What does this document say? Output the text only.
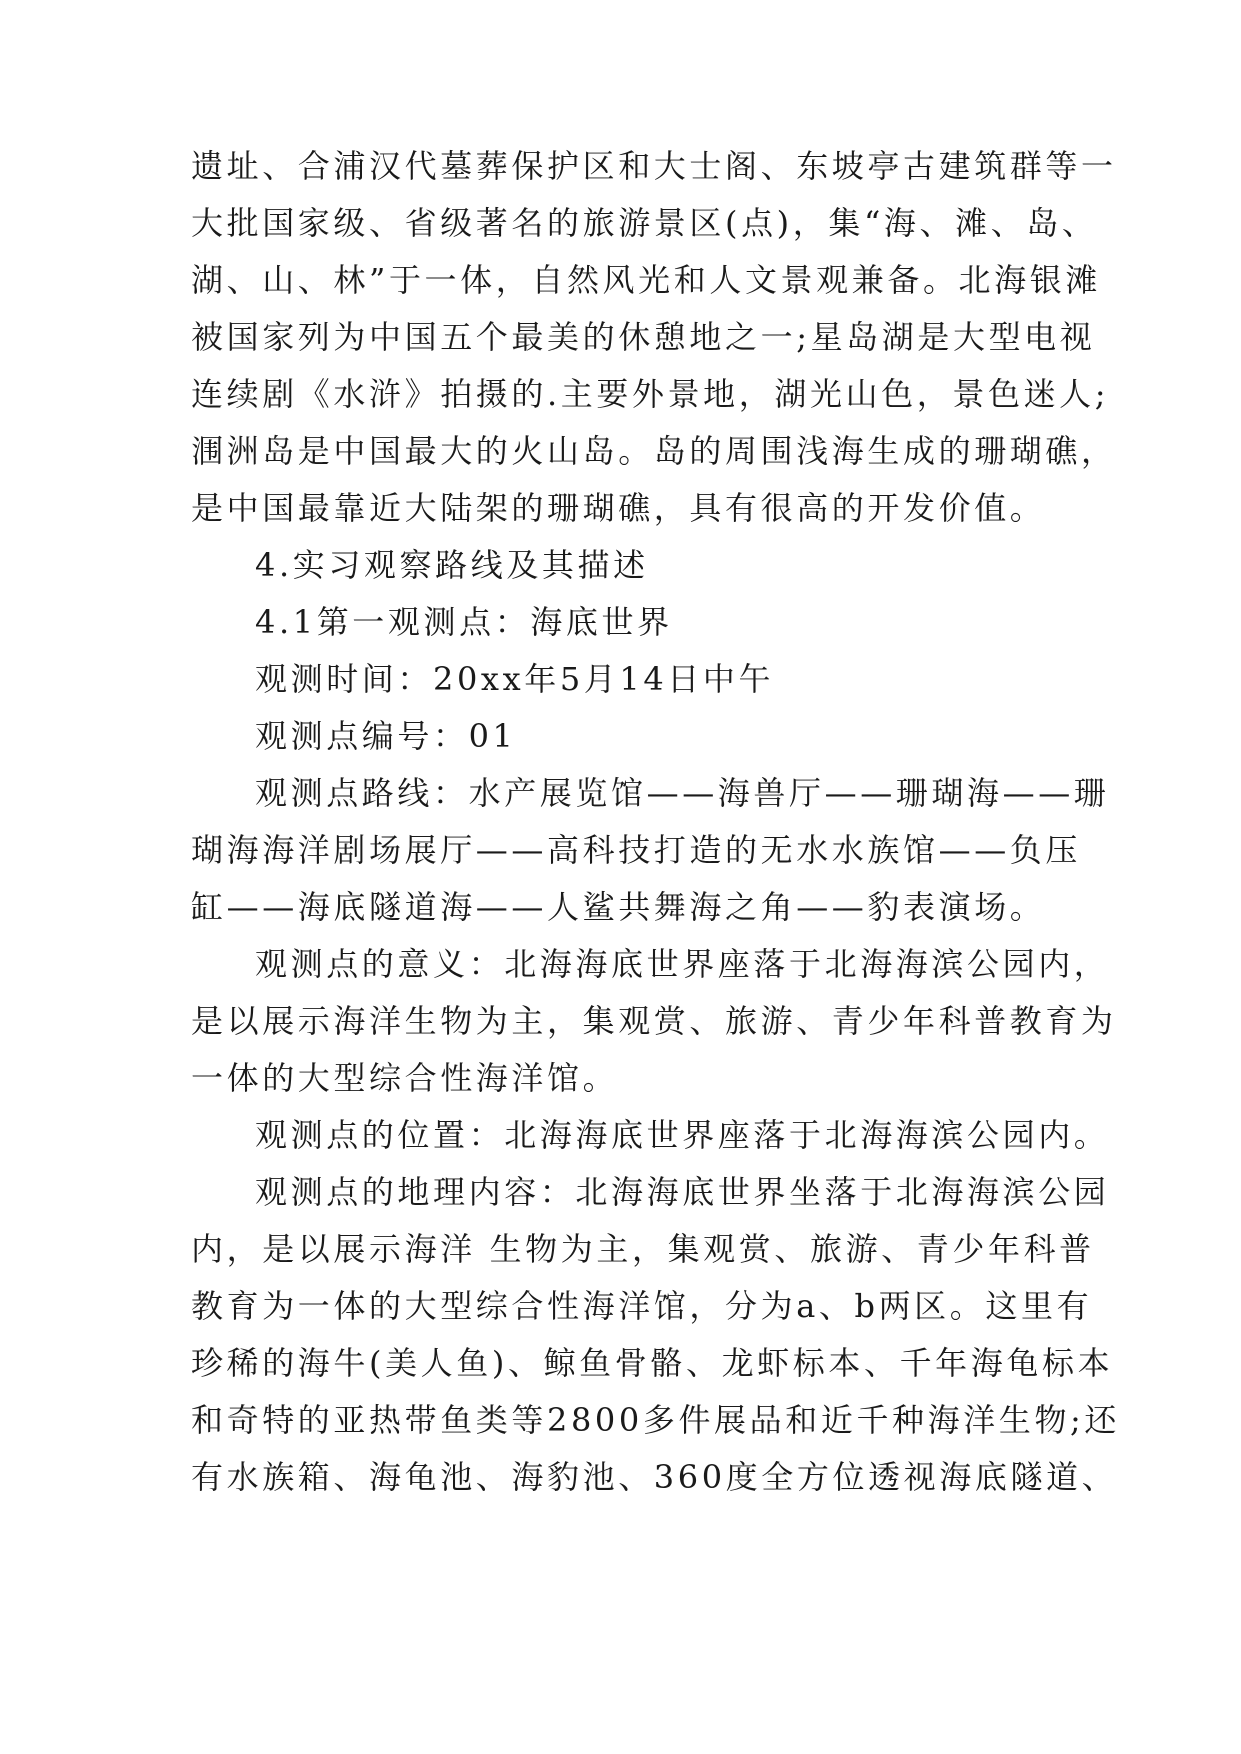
遗址、合浦汉代墓葬保护区和大士阁、东坡亭古建筑群等一
大批国家级、省级著名的旅游景区(点)，集“海、滩、岛、
湖、山、林”于一体，自然风光和人文景观兼备。北海银滩
被国家列为中国五个最美的休憩地之一;星岛湖是大型电视
连续剧《水浒》拍摄的.主要外景地，湖光山色，景色迷人;
涠洲岛是中国最大的火山岛。岛的周围浅海生成的珊瑚礁，
是中国最靠近大陆架的珊瑚礁，具有很高的开发价值。
4.实习观察路线及其描述
4.1第一观测点：海底世界
观测时间：20xx年5月14日中午
观测点编号：01
观测点路线：水产展览馆——海兽厅——珊瑚海——珊
瑚海海洋剧场展厅——高科技打造的无水水族馆——负压
缸——海底隧道海——人鲨共舞海之角——豹表演场。
观测点的意义：北海海底世界座落于北海海滨公园内，
是以展示海洋生物为主，集观赏、旅游、青少年科普教育为
一体的大型综合性海洋馆。
观测点的位置：北海海底世界座落于北海海滨公园内。
观测点的地理内容：北海海底世界坐落于北海海滨公园
内，是以展示海洋 生物为主，集观赏、旅游、青少年科普
教育为一体的大型综合性海洋馆，分为a、b两区。这里有
珍稀的海牛(美人鱼)、鲸鱼骨骼、龙虾标本、千年海龟标本
和奇特的亚热带鱼类等2800多件展品和近千种海洋生物;还
有水族箱、海龟池、海豹池、360度全方位透视海底隧道、
